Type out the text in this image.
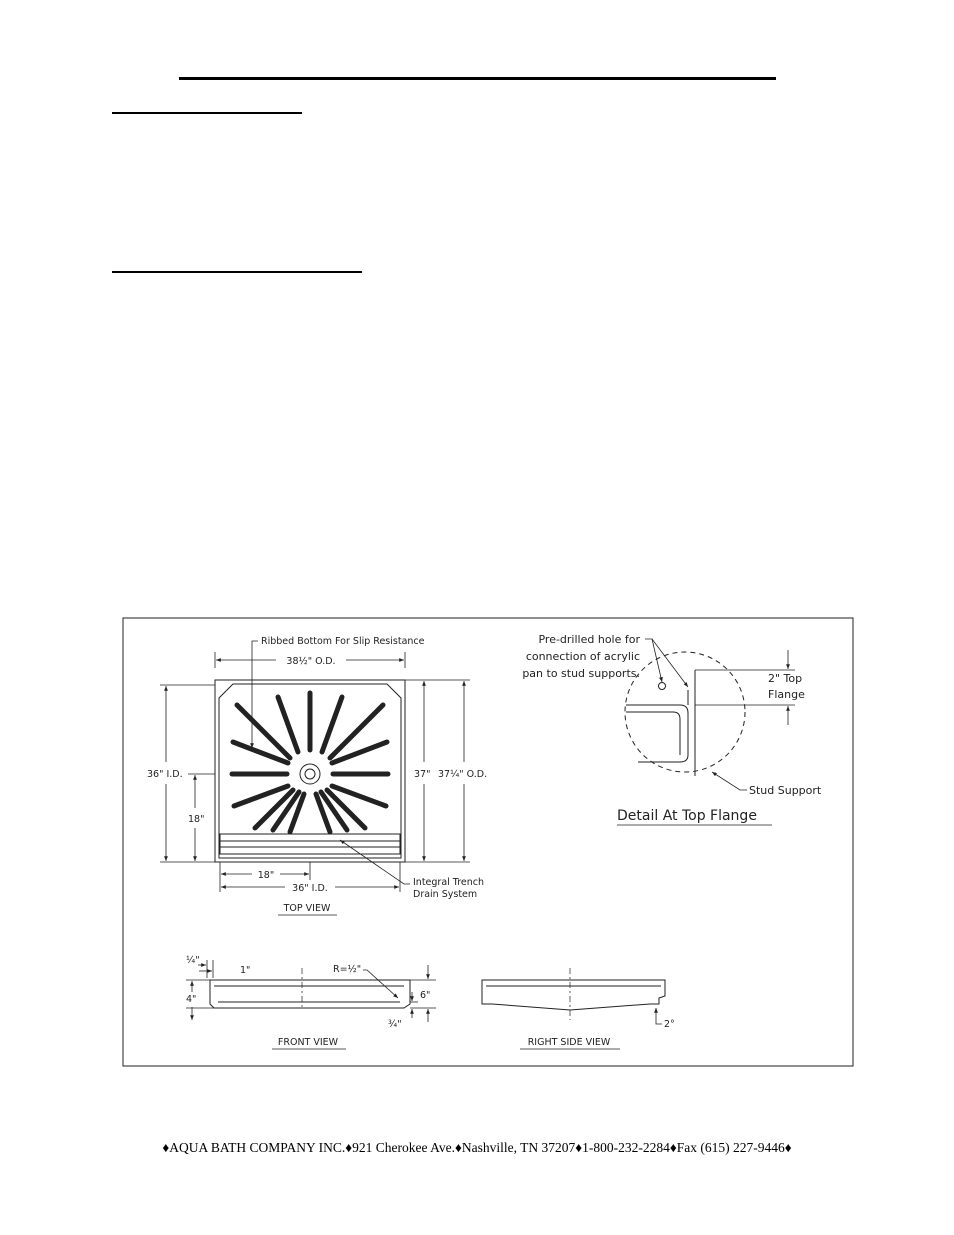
Ribbed Bottom For Slip Resistance
38½" O.D.
36" I.D.
18"
37" 37¼" O.D.
18"
36" I.D.
Integral Trench
Drain System
TOP VIEW
Pre-drilled hole for
connection of acrylic
pan to stud supports.	2" Top
Flange
Stud Support
Detail At Top Flange
¼"
1"
4"
R=½"
6"
¾"
FRONT VIEW
2°
RIGHT SIDE VIEW
♦AQUA BATH COMPANY INC.♦921 Cherokee Ave.♦Nashville, TN 37207♦1-800-232-2284♦Fax (615) 227-9446♦
